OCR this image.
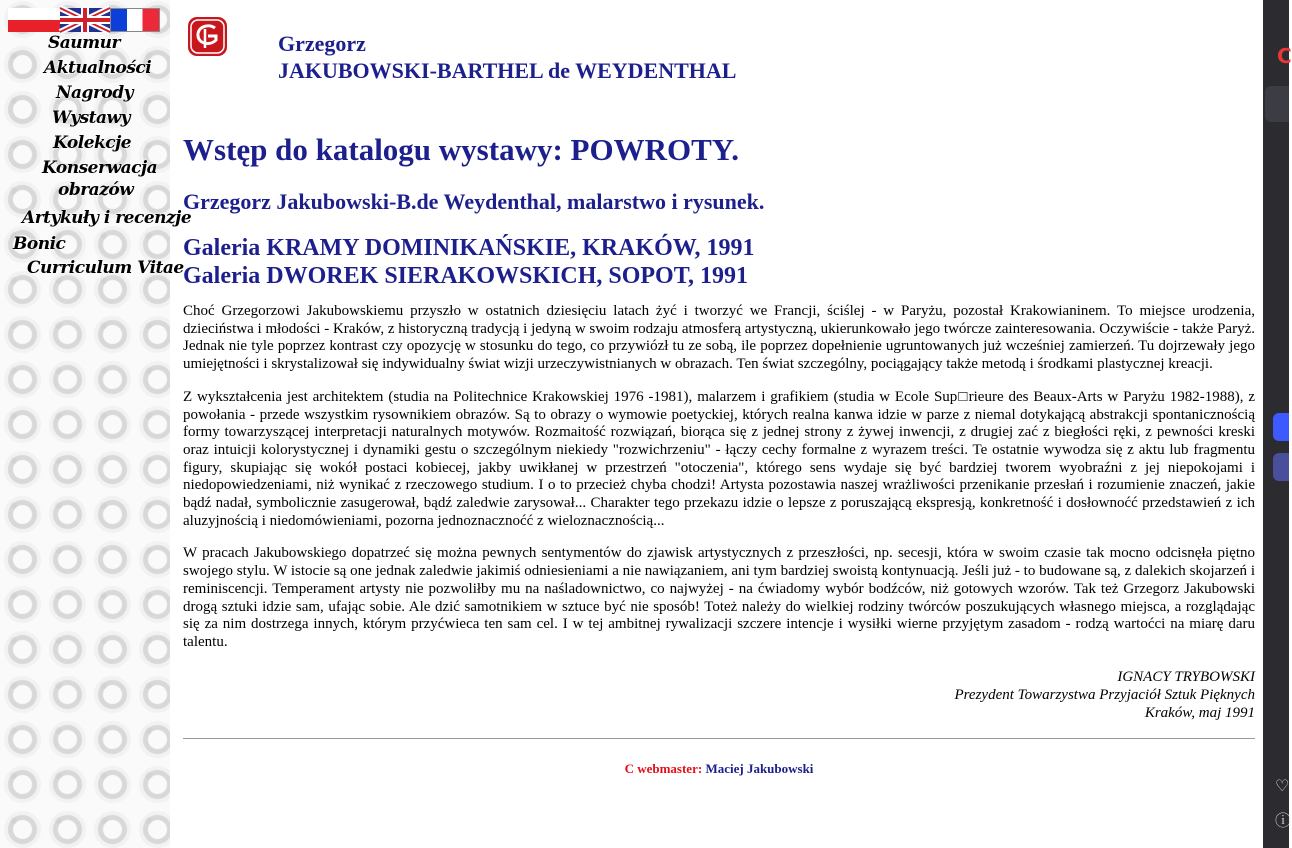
Saumur
Aktualności
Nagrody
Wystawy
Kolekcje
Konserwacja
obrazów
Artykuły i recenzje
Bonic
Curriculum Vitae
Grzegorz
JAKUBOWSKI-BARTHEL de WEYDENTHAL
Wstęp do katalogu wystawy: POWROTY.
Grzegorz Jakubowski-B.de Weydenthal, malarstwo i rysunek.
Galeria KRAMY DOMINIKAŃSKIE, KRAKÓW, 1991
Galeria DWOREK SIERAKOWSKICH, SOPOT, 1991

Choć Grzegorzowi Jakubowskiemu przyszło w ostatnich dziesięciu latach żyć i tworzyć we Francji, ściślej - w Paryżu, pozostał Krakowianinem. To miejsce urodzenia, dzieciństwa i młodości - Kraków, z historyczną tradycją i jedyną w swoim rodzaju atmosferą artystyczną, ukierunkowało jego twórcze zainteresowania. Oczywiście - także Paryż. Jednak nie tyle poprzez kontrast czy opozycję w stosunku do tego, co przywiózł tu ze sobą, ile poprzez dopełnienie ugruntowanych już wcześniej zamierzeń. Tu dojrzewały jego umiejętności i skrystalizował się indywidualny świat wizji urzeczywistnianych w obrazach. Ten świat szczególny, pociągający także metodą i środkami plastycznej kreacji.

Z wykształcenia jest architektem (studia na Politechnice Krakowskiej 1976 -1981), malarzem i grafikiem (studia w Ecole Sup□rieure des Beaux-Arts w Paryżu 1982-1988), z powołania - przede wszystkim rysownikiem obrazów. Są to obrazy o wymowie poetyckiej, których realna kanwa idzie w parze z niemal dotykającą abstrakcji spontanicznością formy towarzyszącej interpretacji naturalnych motywów. Rozmaitość rozwiązań, biorąca się z jednej strony z żywej inwencji, z drugiej zać z biegłości ręki, z pewności kreski oraz intuicji kolorystycznej i dynamiki gestu o szczególnym niekiedy "rozwichrzeniu" - łączy cechy formalne z wyrazem treści. Te ostatnie wywodza się z aktu lub fragmentu figury, skupiając się wokół postaci kobiecej, jakby uwikłanej w przestrzeń "otoczenia", którego sens wydaje się być bardziej tworem wyobraźni z jej niepokojami i niedopowiedzeniami, niż wynikać z rzeczowego studium. I o to przecież chyba chodzi! Artysta pozostawia naszej wrażliwości przenikanie przesłań i rozumienie znaczeń, jakie bądź nadał, symbolicznie zasugerował, bądź zaledwie zarysował... Charakter tego przekazu idzie o lepsze z poruszającą ekspresją, konkretność i dosłownoćć przedstawień z ich aluzyjnością i niedomówieniami, pozorna jednoznacznoćć z wieloznacznością...

W pracach Jakubowskiego dopatrzeć się można pewnych sentymentów do zjawisk artystycznych z przeszłości, np. secesji, która w swoim czasie tak mocno odcisnęła piętno swojego stylu. W istocie są one jednak zaledwie jakimiś odniesieniami a nie nawiązaniem, ani tym bardziej swoistą kontynuacją. Jeśli już - to budowane są, z dalekich skojarzeń i reminiscencji. Temperament artysty nie pozwoliłby mu na naśladownictwo, co najwyżej - na ćwiadomy wybór bodźców, niż gotowych wzorów. Tak też Grzegorz Jakubowski drogą sztuki idzie sam, ufając sobie. Ale dzić samotnikiem w sztuce być nie sposób! Toteż należy do wielkiej rodziny twórców poszukujących własnego miejsca, a rozglądając się za nim dostrzega innych, którym przyćwieca ten sam cel. I w tej ambitnej rywalizacji szczere intencje i wysiłki wierne przyjętym zasadom - rodzą wartoćci na miarę daru talentu.

IGNACY TRYBOWSKI
Prezydent Towarzystwa Przyjaciół Sztuk Pięknych
Kraków, maj 1991
C webmaster: Maciej Jakubowski
C
♡
ⓘ
